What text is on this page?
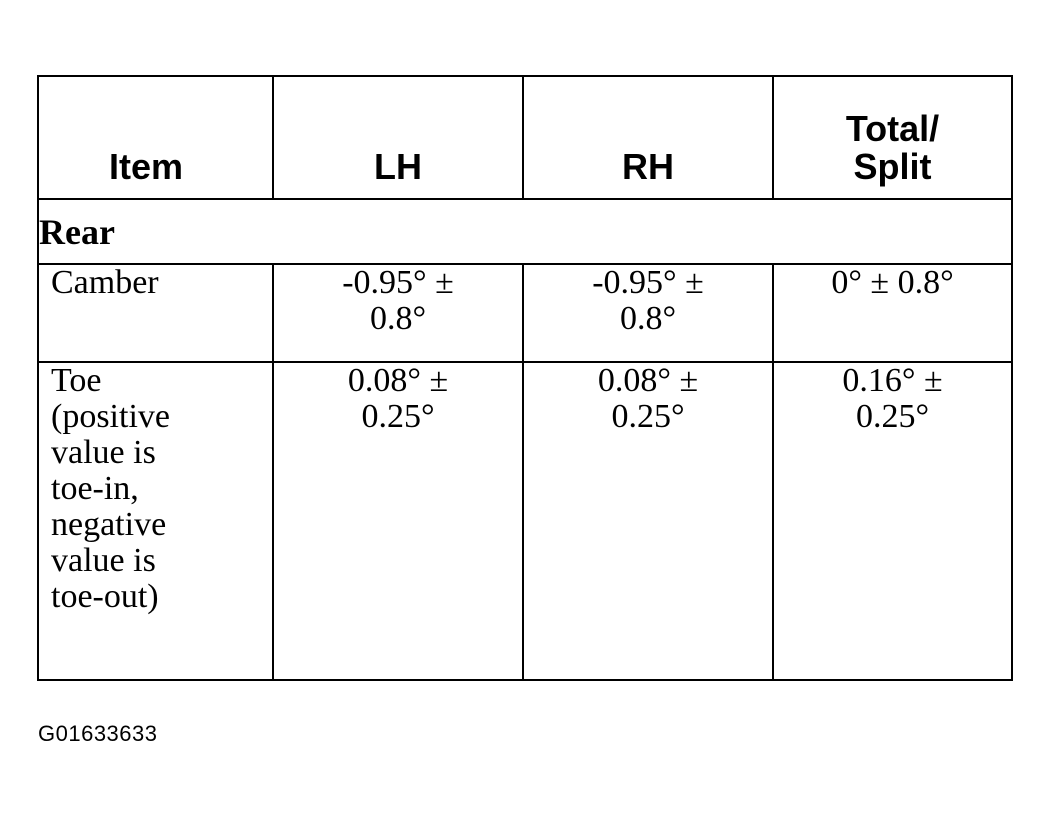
Item	LH	RH	Total/ Split
Rear			
Camber	-0.95° ± 0.8°	-0.95° ± 0.8°	0° ± 0.8°

Toe (positive value is toe-in, negative value is toe-out)	0.08° ± 0.25°	0.08° ± 0.25°	0.16° ± 0.25°
G01633633
